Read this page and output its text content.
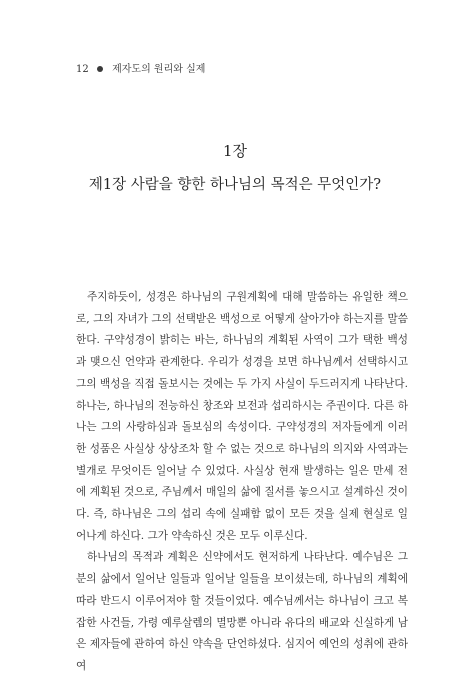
12 제자도의 원리와 실제
1장
제1장 사람을 향한 하나님의 목적은 무엇인가?

주지하듯이, 성경은 하나님의 구원계획에 대해 말씀하는 유일한 책으로, 그의 자녀가 그의 선택받은 백성으로 어떻게 살아가야 하는지를 말씀한다. 구약성경이 밝히는 바는, 하나님의 계획된 사역이 그가 택한 백성과 맺으신 언약과 관계한다. 우리가 성경을 보면 하나님께서 선택하시고 그의 백성을 직접 돌보시는 것에는 두 가지 사실이 두드러지게 나타난다. 하나는, 하나님의 전능하신 창조와 보전과 섭리하시는 주권이다. 다른 하나는 그의 사랑하심과 돌보심의 속성이다. 구약성경의 저자들에게 이러한 성품은 사실상 상상조차 할 수 없는 것으로 하나님의 의지와 사역과는 별개로 무엇이든 일어날 수 있었다. 사실상 현재 발생하는 일은 만세 전에 계획된 것으로, 주님께서 매일의 삶에 질서를 놓으시고 설계하신 것이다. 즉, 하나님은 그의 섭리 속에 실패함 없이 모든 것을 실제 현실로 일어나게 하신다. 그가 약속하신 것은 모두 이루신다.

하나님의 목적과 계획은 신약에서도 현저하게 나타난다. 예수님은 그분의 삶에서 일어난 일들과 일어날 일들을 보이셨는데, 하나님의 계획에 따라 반드시 이루어져야 할 것들이었다. 예수님께서는 하나님이 크고 복잡한 사건들, 가령 예루살렘의 멸망뿐 아니라 유다의 배교와 신실하게 남은 제자들에 관하여 하신 약속을 단언하셨다. 심지어 예언의 성취에 관하여
